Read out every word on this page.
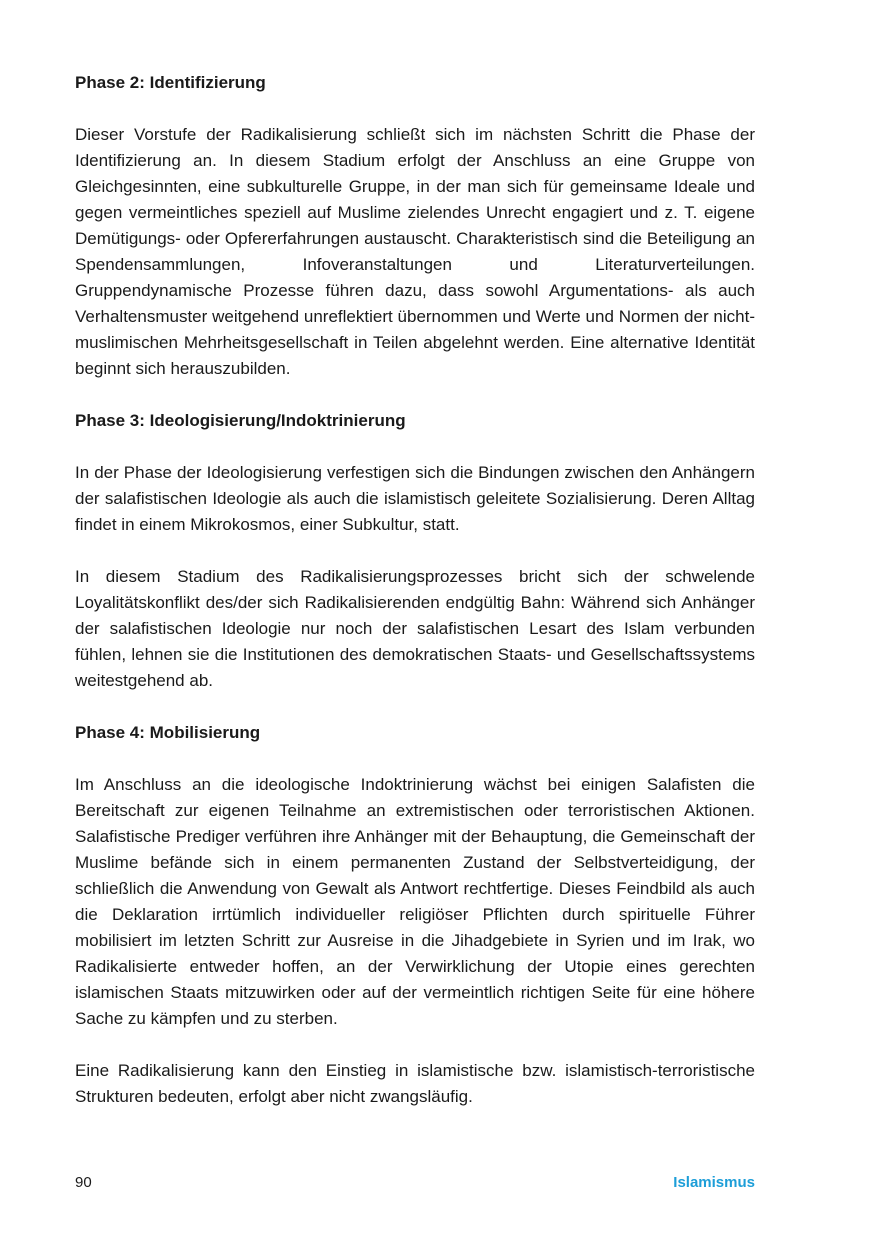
Phase 2: Identifizierung

Dieser Vorstufe der Radikalisierung schließt sich im nächsten Schritt die Phase der Identifizierung an. In diesem Stadium erfolgt der Anschluss an eine Gruppe von Gleichgesinnten, eine subkulturelle Gruppe, in der man sich für gemeinsame Ideale und gegen vermeintliches speziell auf Muslime zielendes Unrecht engagiert und z. T. eigene Demütigungs- oder Opfererfahrungen austauscht. Charakteristisch sind die Beteiligung an Spendensammlungen, Infoveranstaltungen und Literaturverteilungen. Gruppendynamische Prozesse führen dazu, dass sowohl Argumentations- als auch Verhaltensmuster weitgehend unreflektiert übernommen und Werte und Normen der nicht-muslimischen Mehrheitsgesellschaft in Teilen abgelehnt werden. Eine alternative Identität beginnt sich herauszubilden.

Phase 3: Ideologisierung/Indoktrinierung

In der Phase der Ideologisierung verfestigen sich die Bindungen zwischen den Anhängern der salafistischen Ideologie als auch die islamistisch geleitete Sozialisierung. Deren Alltag findet in einem Mikrokosmos, einer Subkultur, statt.

In diesem Stadium des Radikalisierungsprozesses bricht sich der schwelende Loyalitätskonflikt des/der sich Radikalisierenden endgültig Bahn: Während sich Anhänger der salafistischen Ideologie nur noch der salafistischen Lesart des Islam verbunden fühlen, lehnen sie die Institutionen des demokratischen Staats- und Gesellschaftssystems weitestgehend ab.

Phase 4: Mobilisierung

Im Anschluss an die ideologische Indoktrinierung wächst bei einigen Salafisten die Bereitschaft zur eigenen Teilnahme an extremistischen oder terroristischen Aktionen. Salafistische Prediger verführen ihre Anhänger mit der Behauptung, die Gemeinschaft der Muslime befände sich in einem permanenten Zustand der Selbstverteidigung, der schließlich die Anwendung von Gewalt als Antwort rechtfertige. Dieses Feindbild als auch die Deklaration irrtümlich individueller religiöser Pflichten durch spirituelle Führer mobilisiert im letzten Schritt zur Ausreise in die Jihadgebiete in Syrien und im Irak, wo Radikalisierte entweder hoffen, an der Verwirklichung der Utopie eines gerechten islamischen Staats mitzuwirken oder auf der vermeintlich richtigen Seite für eine höhere Sache zu kämpfen und zu sterben.

Eine Radikalisierung kann den Einstieg in islamistische bzw. islamistisch-terroristische Strukturen bedeuten, erfolgt aber nicht zwangsläufig.

90	Islamismus
